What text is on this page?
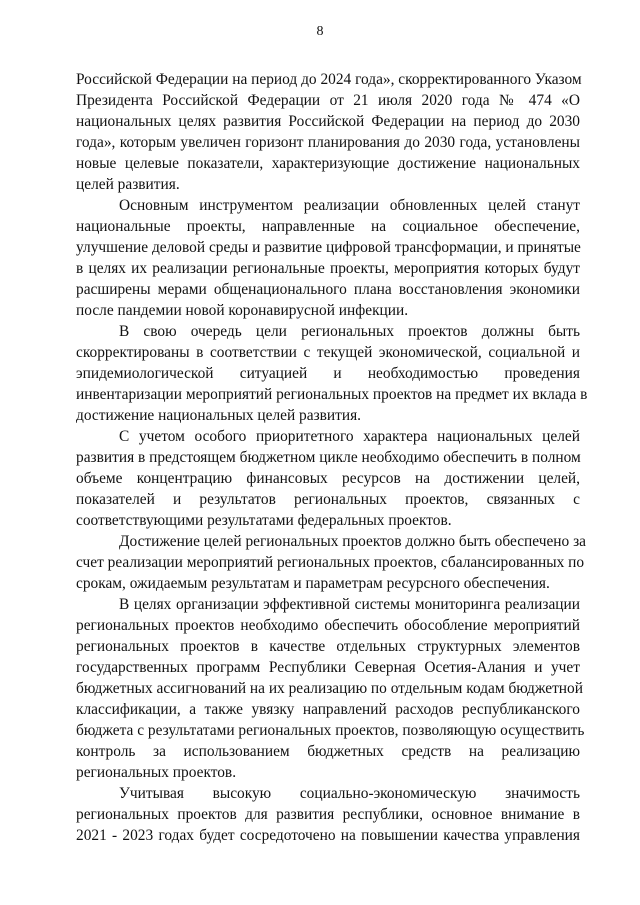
8
Российской Федерации на период до 2024 года», скорректированного Указом
Президента Российской Федерации от 21 июля 2020 года № 474 «О
национальных целях развития Российской Федерации на период до 2030
года», которым увеличен горизонт планирования до 2030 года, установлены
новые целевые показатели, характеризующие достижение национальных
целей развития.
Основным инструментом реализации обновленных целей станут
национальные проекты, направленные на социальное обеспечение,
улучшение деловой среды и развитие цифровой трансформации, и принятые
в целях их реализации региональные проекты, мероприятия которых будут
расширены мерами общенационального плана восстановления экономики
после пандемии новой коронавирусной инфекции.
В свою очередь цели региональных проектов должны быть
скорректированы в соответствии с текущей экономической, социальной и
эпидемиологической ситуацией и необходимостью проведения
инвентаризации мероприятий региональных проектов на предмет их вклада в
достижение национальных целей развития.
С учетом особого приоритетного характера национальных целей
развития в предстоящем бюджетном цикле необходимо обеспечить в полном
объеме концентрацию финансовых ресурсов на достижении целей,
показателей и результатов региональных проектов, связанных с
соответствующими результатами федеральных проектов.
Достижение целей региональных проектов должно быть обеспечено за
счет реализации мероприятий региональных проектов, сбалансированных по
срокам, ожидаемым результатам и параметрам ресурсного обеспечения.
В целях организации эффективной системы мониторинга реализации
региональных проектов необходимо обеспечить обособление мероприятий
региональных проектов в качестве отдельных структурных элементов
государственных программ Республики Северная Осетия-Алания и учет
бюджетных ассигнований на их реализацию по отдельным кодам бюджетной
классификации, а также увязку направлений расходов республиканского
бюджета с результатами региональных проектов, позволяющую осуществить
контроль за использованием бюджетных средств на реализацию
региональных проектов.
Учитывая высокую социально-экономическую значимость
региональных проектов для развития республики, основное внимание в
2021 - 2023 годах будет сосредоточено на повышении качества управления
